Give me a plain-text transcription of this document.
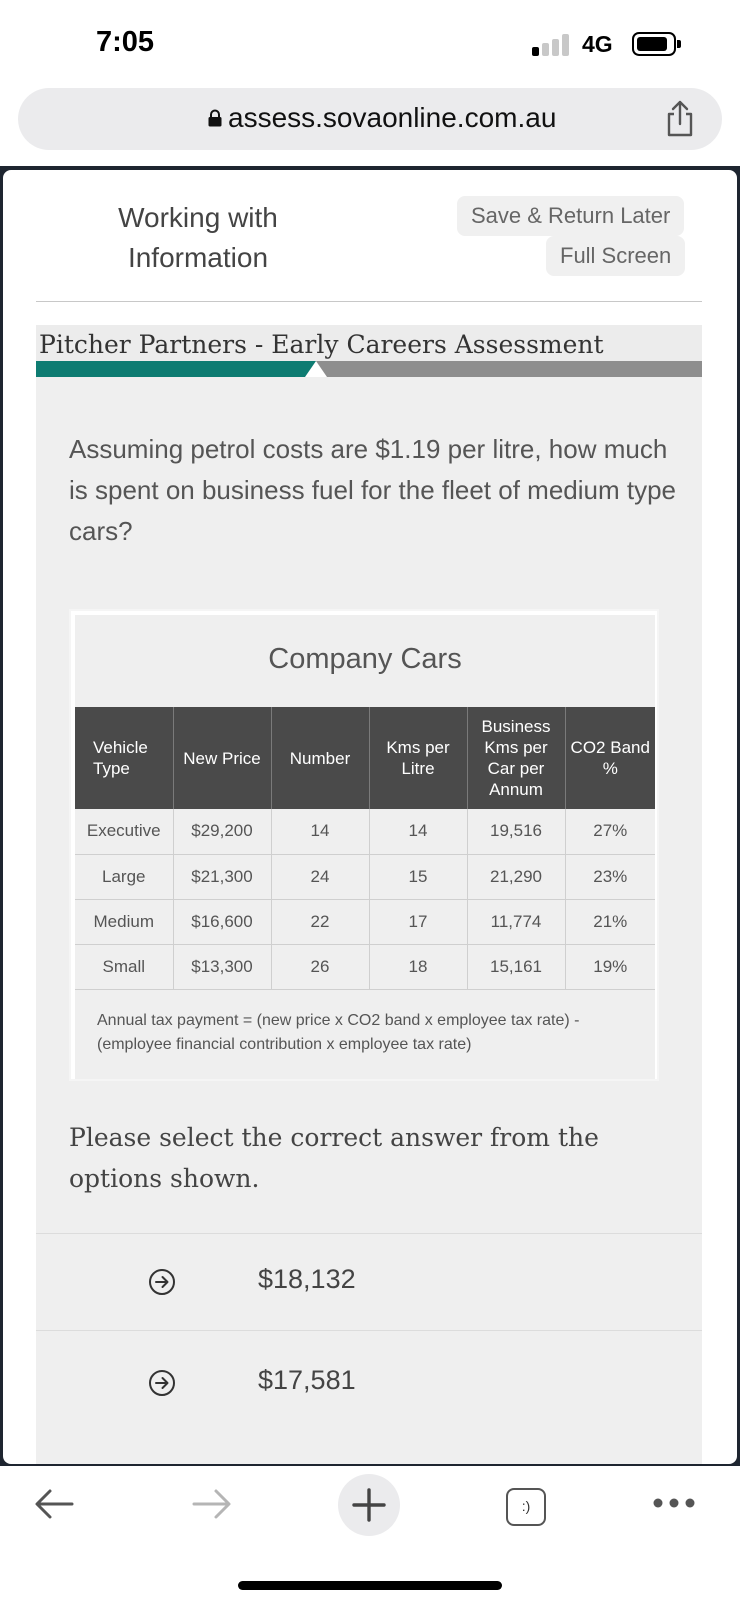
7:05	4G
assess.sovaonline.com.au
Working with Information
Save & Return Later
Full Screen
Pitcher Partners - Early Careers Assessment
Assuming petrol costs are $1.19 per litre, how much is spent on business fuel for the fleet of medium type cars?
Company Cars
Vehicle Type	New Price	Number	Kms per Litre	Business Kms per Car per Annum	CO2 Band %
Executive	$29,200	14	14	19,516	27%
Large	$21,300	24	15	21,290	23%
Medium	$16,600	22	17	11,774	21%
Small	$13,300	26	18	15,161	19%
Annual tax payment = (new price x CO2 band x employee tax rate) - (employee financial contribution x employee tax rate)
Please select the correct answer from the options shown.
$18,132
$17,581
:)
